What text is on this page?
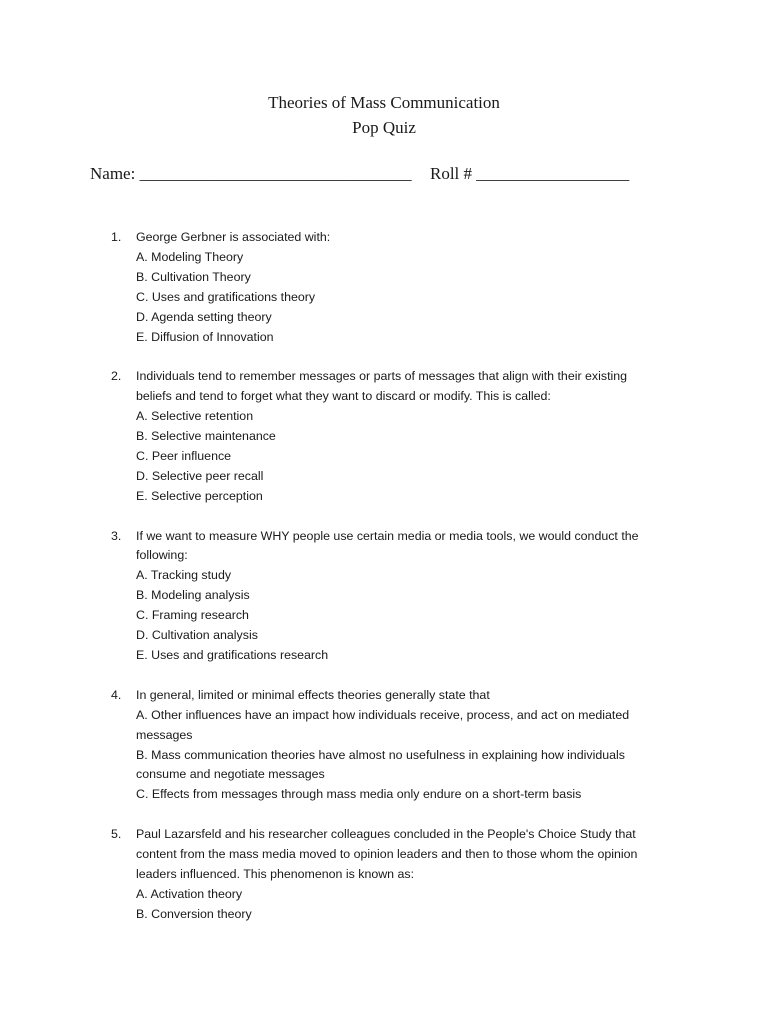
Theories of Mass Communication
Pop Quiz
Name: ________________________________ Roll # __________________
1.	George Gerbner is associated with:
A. Modeling Theory
B. Cultivation Theory
C. Uses and gratifications theory
D. Agenda setting theory
E. Diffusion of Innovation
2.	Individuals tend to remember messages or parts of messages that align with their existing
beliefs and tend to forget what they want to discard or modify. This is called:
A. Selective retention
B. Selective maintenance
C. Peer influence
D. Selective peer recall
E. Selective perception
3.	If we want to measure WHY people use certain media or media tools, we would conduct the
following:
A. Tracking study
B. Modeling analysis
C. Framing research
D. Cultivation analysis
E. Uses and gratifications research
4.	In general, limited or minimal effects theories generally state that
A. Other influences have an impact how individuals receive, process, and act on mediated
messages
B. Mass communication theories have almost no usefulness in explaining how individuals
consume and negotiate messages
C. Effects from messages through mass media only endure on a short-term basis
5.	Paul Lazarsfeld and his researcher colleagues concluded in the People's Choice Study that
content from the mass media moved to opinion leaders and then to those whom the opinion
leaders influenced. This phenomenon is known as:
A. Activation theory
B. Conversion theory
